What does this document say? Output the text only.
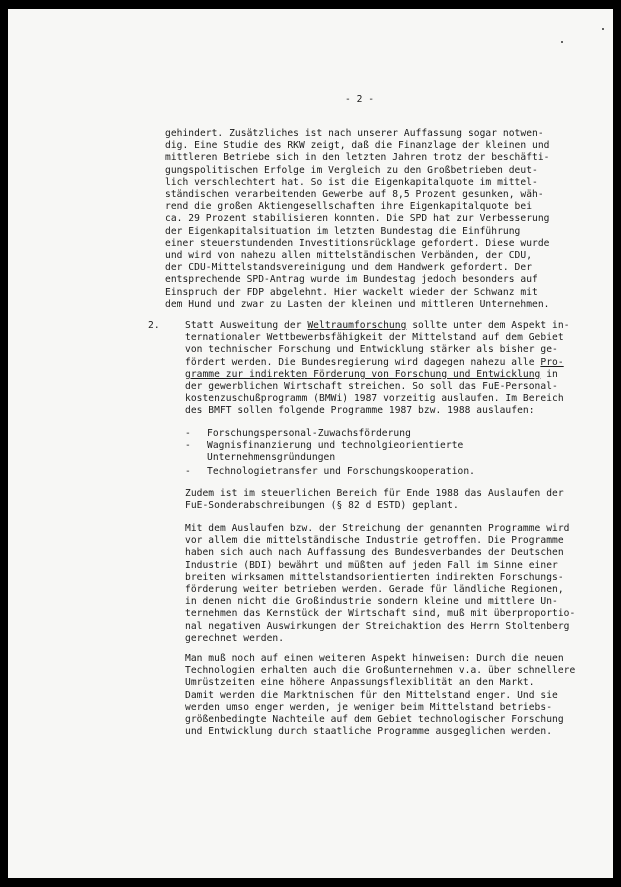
- 2 -
gehindert. Zusätzliches ist nach unserer Auffassung sogar notwen-
dig. Eine Studie des RKW zeigt, daß die Finanzlage der kleinen und
mittleren Betriebe sich in den letzten Jahren trotz der beschäfti-
gungspolitischen Erfolge im Vergleich zu den Großbetrieben deut-
lich verschlechtert hat. So ist die Eigenkapitalquote im mittel-
ständischen verarbeitenden Gewerbe auf 8,5 Prozent gesunken, wäh-
rend die großen Aktiengesellschaften ihre Eigenkapitalquote bei
ca. 29 Prozent stabilisieren konnten. Die SPD hat zur Verbesserung
der Eigenkapitalsituation im letzten Bundestag die Einführung
einer steuerstundenden Investitionsrücklage gefordert. Diese wurde
und wird von nahezu allen mittelständischen Verbänden, der CDU,
der CDU-Mittelstandsvereinigung und dem Handwerk gefordert. Der
entsprechende SPD-Antrag wurde im Bundestag jedoch besonders auf
Einspruch der FDP abgelehnt. Hier wackelt wieder der Schwanz mit
dem Hund und zwar zu Lasten der kleinen und mittleren Unternehmen.
2.	Statt Ausweitung der Weltraumforschung sollte unter dem Aspekt in-
ternationaler Wettbewerbsfähigkeit der Mittelstand auf dem Gebiet
von technischer Forschung und Entwicklung stärker als bisher ge-
fördert werden. Die Bundesregierung wird dagegen nahezu alle Pro-
gramme zur indirekten Förderung von Forschung und Entwicklung in
der gewerblichen Wirtschaft streichen. So soll das FuE-Personal-
kostenzuschußprogramm (BMWi) 1987 vorzeitig auslaufen. Im Bereich
des BMFT sollen folgende Programme 1987 bzw. 1988 auslaufen:
- Forschungspersonal-Zuwachsförderung
- Wagnisfinanzierung und technolgieorientierte
Unternehmensgründungen
- Technologietransfer und Forschungskooperation.
Zudem ist im steuerlichen Bereich für Ende 1988 das Auslaufen der
FuE-Sonderabschreibungen (§ 82 d ESTD) geplant.
Mit dem Auslaufen bzw. der Streichung der genannten Programme wird
vor allem die mittelständische Industrie getroffen. Die Programme
haben sich auch nach Auffassung des Bundesverbandes der Deutschen
Industrie (BDI) bewährt und müßten auf jeden Fall im Sinne einer
breiten wirksamen mittelstandsorientierten indirekten Forschungs-
förderung weiter betrieben werden. Gerade für ländliche Regionen,
in denen nicht die Großindustrie sondern kleine und mittlere Un-
ternehmen das Kernstück der Wirtschaft sind, muß mit überproportio-
nal negativen Auswirkungen der Streichaktion des Herrn Stoltenberg
gerechnet werden.
Man muß noch auf einen weiteren Aspekt hinweisen: Durch die neuen
Technologien erhalten auch die Großunternehmen v.a. über schnellere
Umrüstzeiten eine höhere Anpassungsflexiblität an den Markt.
Damit werden die Marktnischen für den Mittelstand enger. Und sie
werden umso enger werden, je weniger beim Mittelstand betriebs-
größenbedingte Nachteile auf dem Gebiet technologischer Forschung
und Entwicklung durch staatliche Programme ausgeglichen werden.
